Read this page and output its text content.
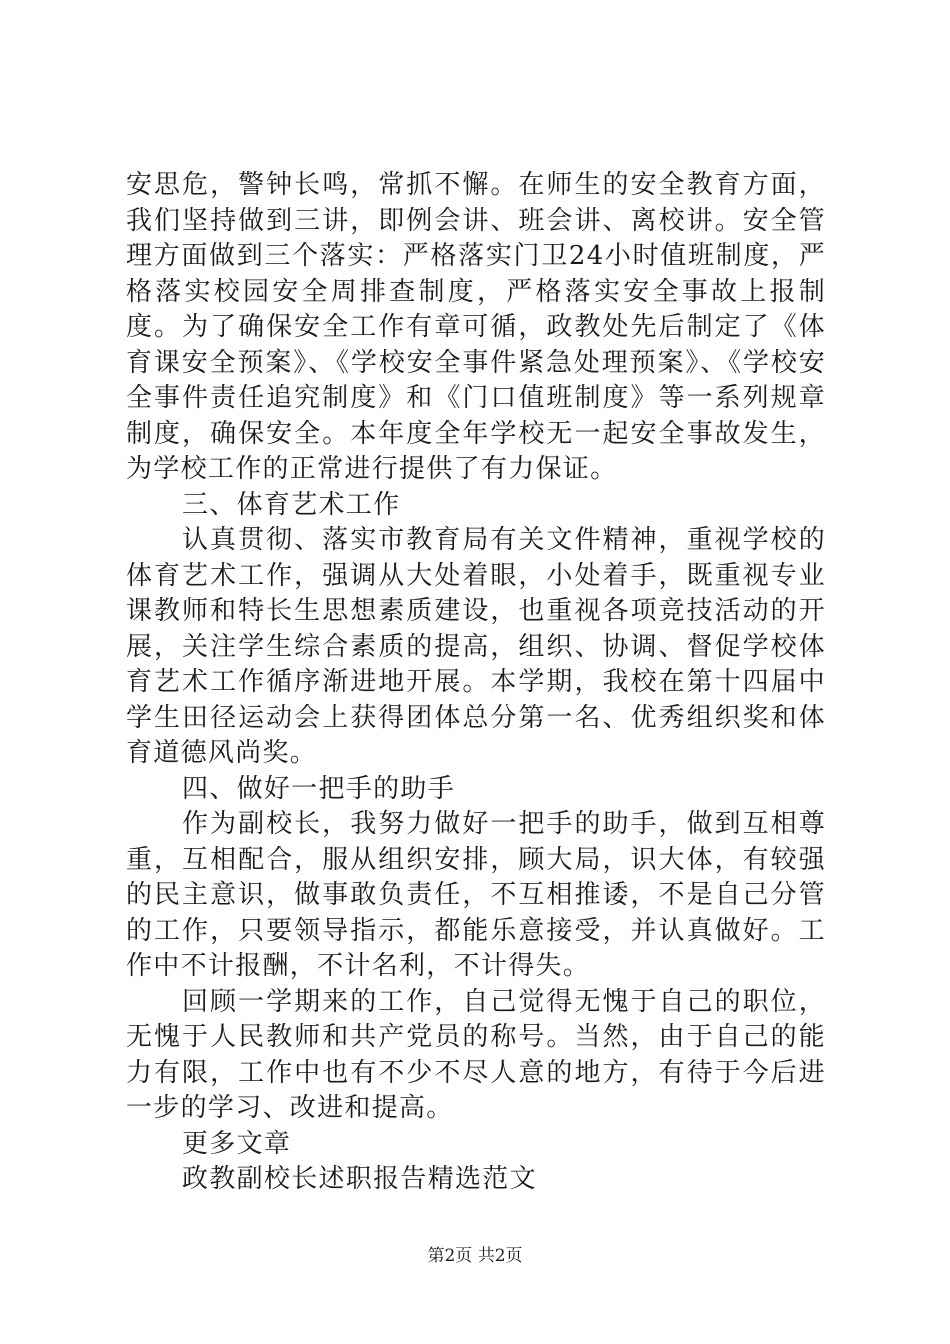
安思危，警钟长鸣，常抓不懈。在师生的安全教育方面，我们坚持做到三讲，即例会讲、班会讲、离校讲。安全管理方面做到三个落实：严格落实门卫24小时值班制度，严格落实校园安全周排查制度，严格落实安全事故上报制度。为了确保安全工作有章可循，政教处先后制定了《体育课安全预案》、《学校安全事件紧急处理预案》、《学校安全事件责任追究制度》和《门口值班制度》等一系列规章制度，确保安全。本年度全年学校无一起安全事故发生，为学校工作的正常进行提供了有力保证。

三、体育艺术工作

认真贯彻、落实市教育局有关文件精神，重视学校的体育艺术工作，强调从大处着眼，小处着手，既重视专业课教师和特长生思想素质建设，也重视各项竞技活动的开展，关注学生综合素质的提高，组织、协调、督促学校体育艺术工作循序渐进地开展。本学期，我校在第十四届中学生田径运动会上获得团体总分第一名、优秀组织奖和体育道德风尚奖。

四、做好一把手的助手

作为副校长，我努力做好一把手的助手，做到互相尊重，互相配合，服从组织安排，顾大局，识大体，有较强的民主意识，做事敢负责任，不互相推诿，不是自己分管的工作，只要领导指示，都能乐意接受，并认真做好。工作中不计报酬，不计名利，不计得失。

回顾一学期来的工作，自己觉得无愧于自己的职位，无愧于人民教师和共产党员的称号。当然，由于自己的能力有限，工作中也有不少不尽人意的地方，有待于今后进一步的学习、改进和提高。

更多文章

政教副校长述职报告精选范文

第2页 共2页
